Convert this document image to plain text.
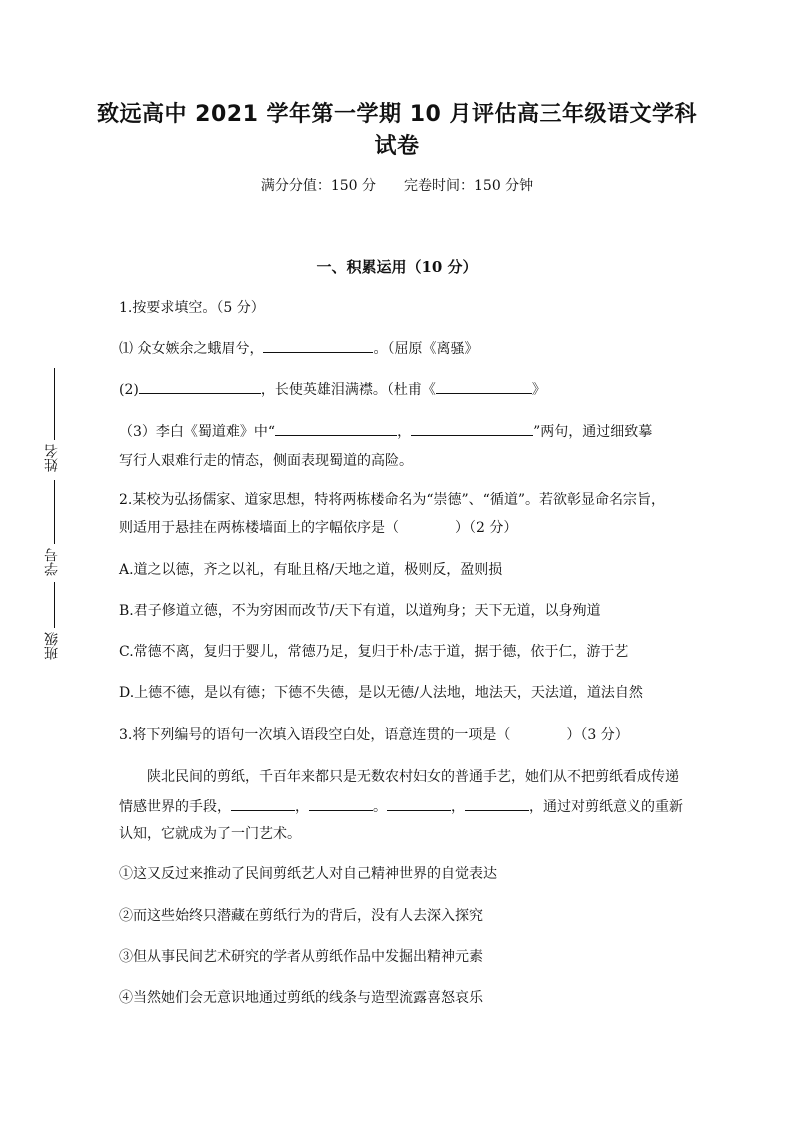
致远高中 2021 学年第一学期 10 月评估高三年级语文学科
试卷
满分分值：150 分 完卷时间：150 分钟
一、积累运用（10 分）
姓名
学号
班级
1.按要求填空。（5 分）
⑴ 众女嫉余之蛾眉兮，	。（屈原《离骚》
(2)	，长使英雄泪满襟。（杜甫《	》
（3）李白《蜀道难》中“	，	”两句，通过细致摹
写行人艰难行走的情态，侧面表现蜀道的高险。
2.某校为弘扬儒家、道家思想，特将两栋楼命名为“崇德”、“循道”。若欲彰显命名宗旨，
则适用于悬挂在两栋楼墙面上的字幅依序是（	）（2 分）
A.道之以德，齐之以礼，有耻且格/天地之道，极则反，盈则损
B.君子修道立德，不为穷困而改节/天下有道，以道殉身；天下无道，以身殉道
C.常德不离，复归于婴儿，常德乃足，复归于朴/志于道，据于德，依于仁，游于艺
D.上德不德，是以有德；下德不失德，是以无德/人法地，地法天，天法道，道法自然
3.将下列编号的语句一次填入语段空白处，语意连贯的一项是（	）（3 分）
陕北民间的剪纸，千百年来都只是无数农村妇女的普通手艺，她们从不把剪纸看成传递
情感世界的手段，	，	。	，	，通过对剪纸意义的重新
认知，它就成为了一门艺术。
①这又反过来推动了民间剪纸艺人对自己精神世界的自觉表达
②而这些始终只潜藏在剪纸行为的背后，没有人去深入探究
③但从事民间艺术研究的学者从剪纸作品中发掘出精神元素
④当然她们会无意识地通过剪纸的线条与造型流露喜怒哀乐
